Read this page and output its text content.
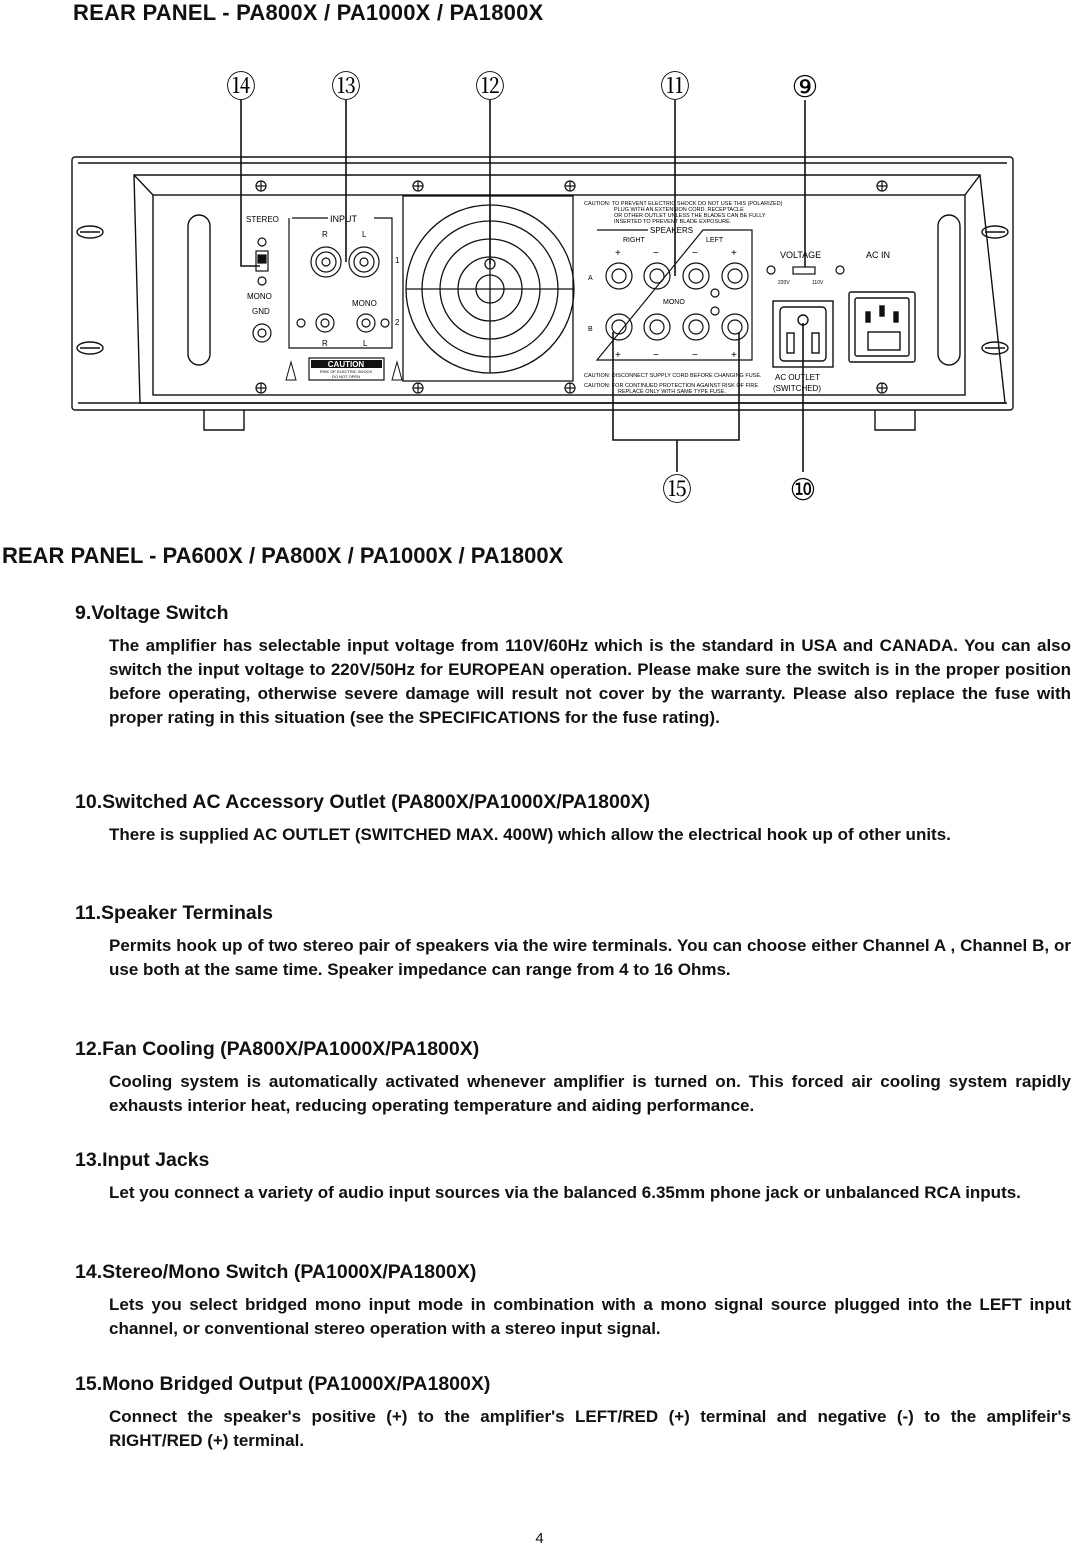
REAR PANEL - PA800X / PA1000X / PA1800X
STEREO
MONO
GND
INPUT
R	L
1
2
MONO
R	L
CAUTION
RISK OF ELECTRIC SHOCK
DO NOT OPEN
CAUTION: TO PREVENT ELECTRIC SHOCK DO NOT USE THIS (POLARIZED)
PLUG WITH AN EXTENSION CORD. RECEPTACLE
OR OTHER OUTLET UNLESS THE BLADES CAN BE FULLY
INSERTED TO PREVENT BLADE EXPOSURE.
SPEAKERS
RIGHT	LEFT
A
B
MONO
+	−	−	+
+	−	−	+
CAUTION: DISCONNECT SUPPLY CORD BEFORE CHANGING FUSE.
CAUTION: FOR CONTINUED PROTECTION AGAINST RISK OF FIRE
REPLACE ONLY WITH SAME TYPE FUSE.
VOLTAGE
220V	110V
AC IN
AC OUTLET
(SWITCHED)
⑭	⑬	⑫	⑪	⑨
⑮	⑩
REAR PANEL - PA600X / PA800X / PA1000X / PA1800X
9.Voltage Switch

The amplifier has selectable input voltage from 110V/60Hz which is the standard in USA and CANADA. You can also switch the input voltage to 220V/50Hz for EUROPEAN operation. Please make sure the switch is in the proper position before operating, otherwise severe damage will result not cover by the warranty. Please also replace the fuse with proper rating in this situation (see the SPECIFICATIONS for the fuse rating).

10.Switched AC Accessory Outlet (PA800X/PA1000X/PA1800X)

There is supplied AC OUTLET (SWITCHED MAX. 400W) which allow the electrical hook up of other units.

11.Speaker Terminals

Permits hook up of two stereo pair of speakers via the wire terminals. You can choose either Channel A , Channel B, or use both at the same time. Speaker impedance can range from 4 to 16 Ohms.

12.Fan Cooling (PA800X/PA1000X/PA1800X)

Cooling system is automatically activated whenever amplifier is turned on. This forced air cooling system rapidly exhausts interior heat, reducing operating temperature and aiding performance.

13.Input Jacks

Let you connect a variety of audio input sources via the balanced 6.35mm phone jack or unbalanced RCA inputs.

14.Stereo/Mono Switch (PA1000X/PA1800X)

Lets you select bridged mono input mode in combination with a mono signal source plugged into the LEFT input channel, or conventional stereo operation with a stereo input signal.

15.Mono Bridged Output (PA1000X/PA1800X)

Connect the speaker's positive (+) to the amplifier's LEFT/RED (+) terminal and negative (-) to the amplifeir's RIGHT/RED (+) terminal.

4
